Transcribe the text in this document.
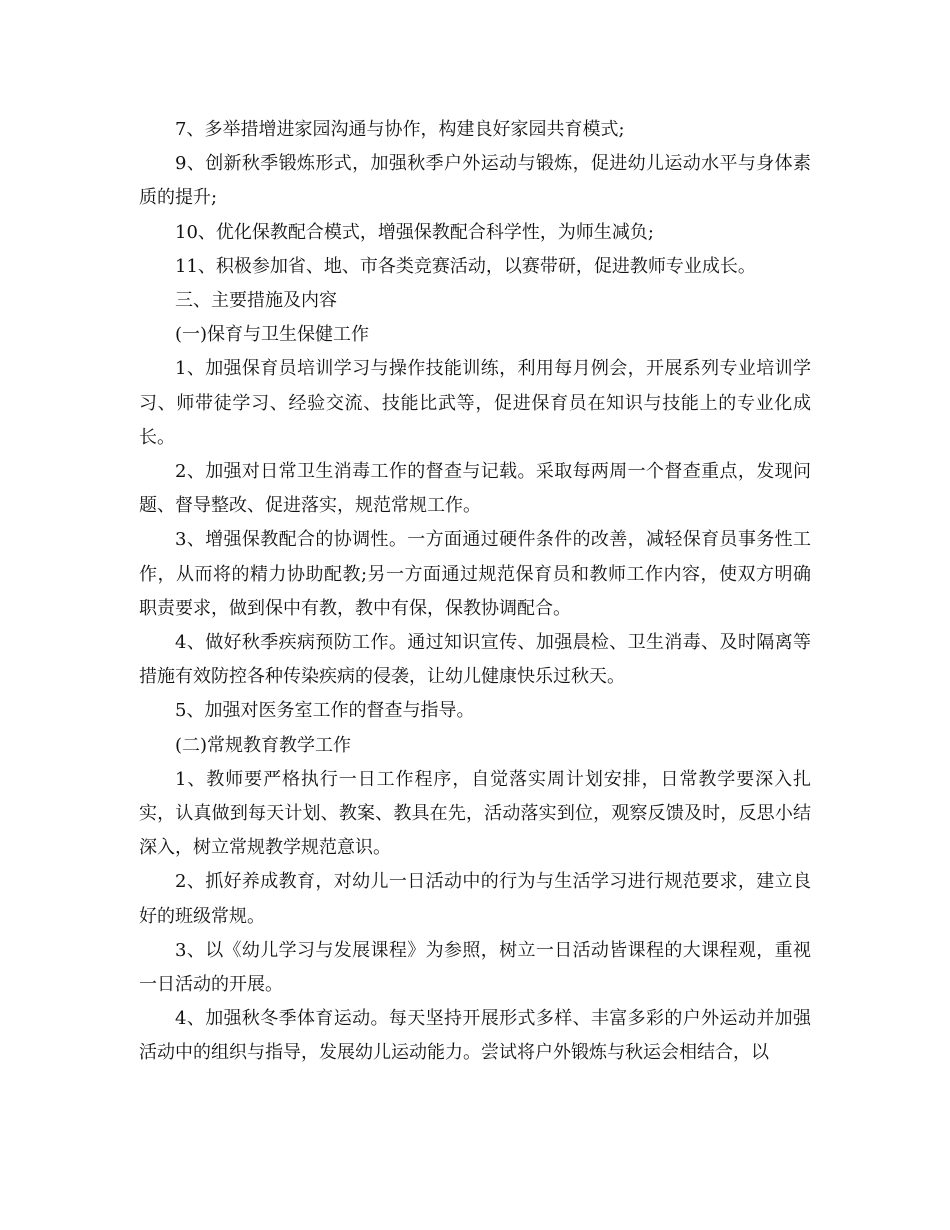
7、多举措增进家园沟通与协作，构建良好家园共育模式;

9、创新秋季锻炼形式，加强秋季户外运动与锻炼，促进幼儿运动水平与身体素质的提升;

10、优化保教配合模式，增强保教配合科学性，为师生减负;

11、积极参加省、地、市各类竞赛活动，以赛带研，促进教师专业成长。

三、主要措施及内容

(一)保育与卫生保健工作

1、加强保育员培训学习与操作技能训练，利用每月例会，开展系列专业培训学习、师带徒学习、经验交流、技能比武等，促进保育员在知识与技能上的专业化成长。

2、加强对日常卫生消毒工作的督查与记载。采取每两周一个督查重点，发现问题、督导整改、促进落实，规范常规工作。

3、增强保教配合的协调性。一方面通过硬件条件的改善，减轻保育员事务性工作，从而将的精力协助配教;另一方面通过规范保育员和教师工作内容，使双方明确职责要求，做到保中有教，教中有保，保教协调配合。

4、做好秋季疾病预防工作。通过知识宣传、加强晨检、卫生消毒、及时隔离等措施有效防控各种传染疾病的侵袭，让幼儿健康快乐过秋天。

5、加强对医务室工作的督查与指导。

(二)常规教育教学工作

1、教师要严格执行一日工作程序，自觉落实周计划安排，日常教学要深入扎实，认真做到每天计划、教案、教具在先，活动落实到位，观察反馈及时，反思小结深入，树立常规教学规范意识。

2、抓好养成教育，对幼儿一日活动中的行为与生活学习进行规范要求，建立良好的班级常规。

3、以《幼儿学习与发展课程》为参照，树立一日活动皆课程的大课程观，重视一日活动的开展。

4、加强秋冬季体育运动。每天坚持开展形式多样、丰富多彩的户外运动并加强活动中的组织与指导，发展幼儿运动能力。尝试将户外锻炼与秋运会相结合，以
